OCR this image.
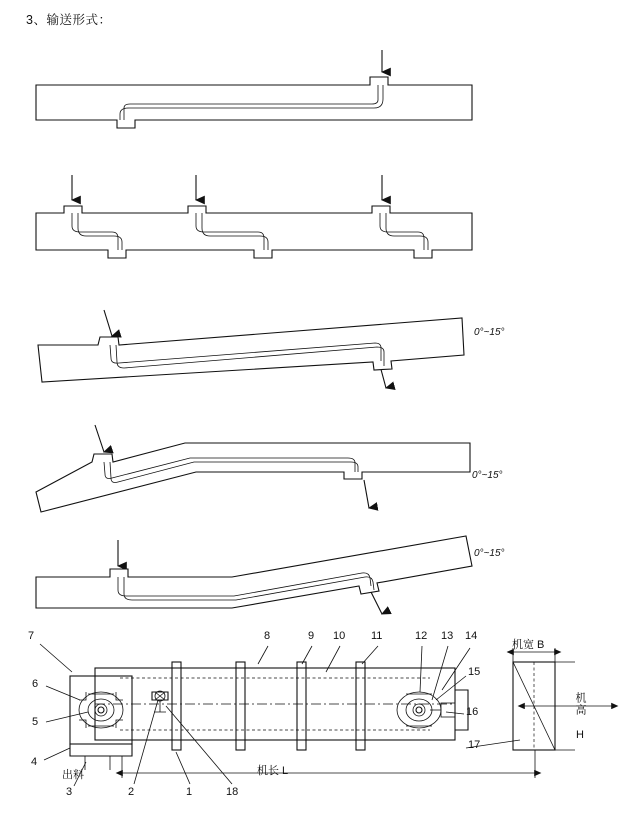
3、输送形式：
0°~15°
0°~15°
0°~15°
7
6
5
4
3	2	1	18
8	9 10 11	12 13 14
15
16
17
机长 L
机宽 B
机高 H
出料
